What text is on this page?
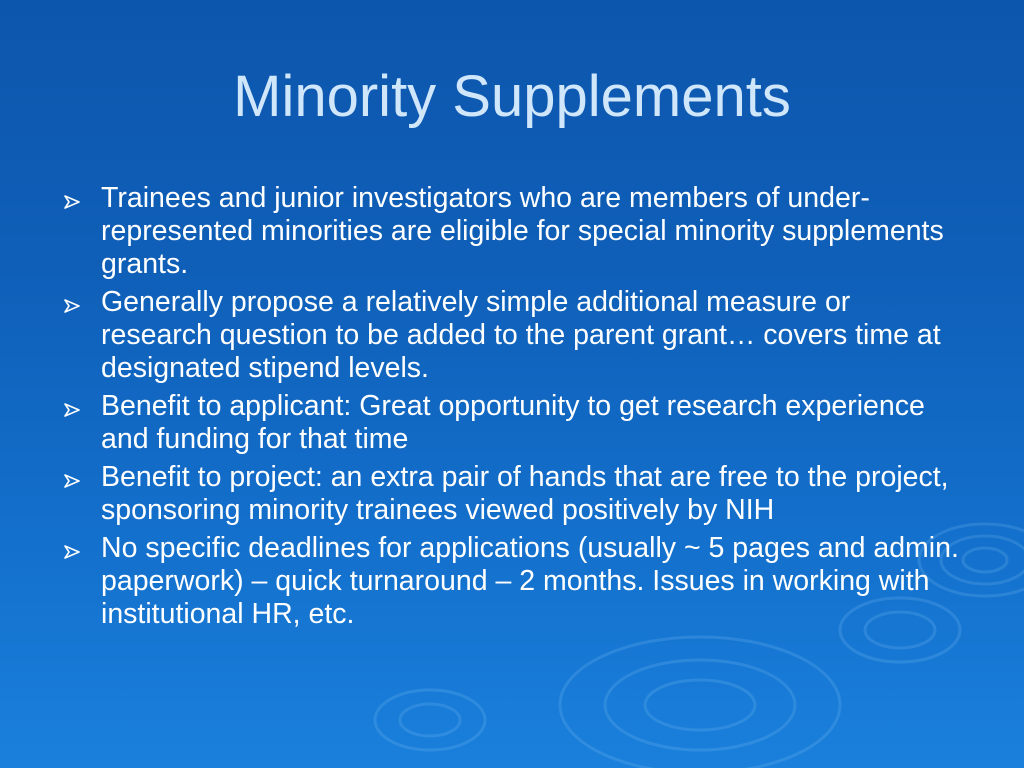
Minority Supplements
Trainees and junior investigators who are members of under-represented minorities are eligible for special minority supplements grants.
Generally propose a relatively simple additional measure or research question to be added to the parent grant… covers time at designated stipend levels.
Benefit to applicant: Great opportunity to get research experience and funding for that time
Benefit to project: an extra pair of hands that are free to the project, sponsoring minority trainees viewed positively by NIH
No specific deadlines for applications (usually ~ 5 pages and admin. paperwork) – quick turnaround – 2 months. Issues in working with institutional HR, etc.
